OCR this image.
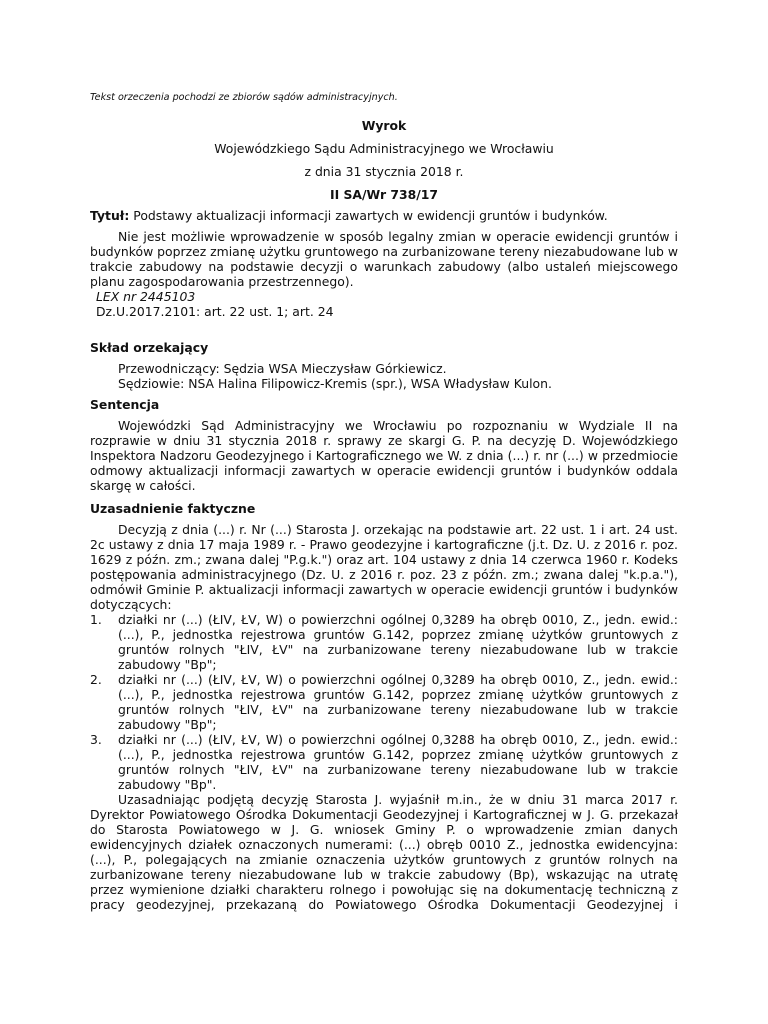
Tekst orzeczenia pochodzi ze zbiorów sądów administracyjnych.

Wyrok

Wojewódzkiego Sądu Administracyjnego we Wrocławiu

z dnia 31 stycznia 2018 r.

II SA/Wr 738/17

Tytuł: Podstawy aktualizacji informacji zawartych w ewidencji gruntów i budynków.

Nie jest możliwie wprowadzenie w sposób legalny zmian w operacie ewidencji gruntów i budynków poprzez zmianę użytku gruntowego na zurbanizowane tereny niezabudowane lub w trakcie zabudowy na podstawie decyzji o warunkach zabudowy (albo ustaleń miejscowego planu zagospodarowania przestrzennego).

LEX nr 2445103

Dz.U.2017.2101: art. 22 ust. 1; art. 24

Skład orzekający

Przewodniczący: Sędzia WSA Mieczysław Górkiewicz.

Sędziowie: NSA Halina Filipowicz-Kremis (spr.), WSA Władysław Kulon.

Sentencja

Wojewódzki Sąd Administracyjny we Wrocławiu po rozpoznaniu w Wydziale II na rozprawie w dniu 31 stycznia 2018 r. sprawy ze skargi G. P. na decyzję D. Wojewódzkiego Inspektora Nadzoru Geodezyjnego i Kartograficznego we W. z dnia (...) r. nr (...) w przedmiocie odmowy aktualizacji informacji zawartych w operacie ewidencji gruntów i budynków oddala skargę w całości.

Uzasadnienie faktyczne

Decyzją z dnia (...) r. Nr (...) Starosta J. orzekając na podstawie art. 22 ust. 1 i art. 24 ust. 2c ustawy z dnia 17 maja 1989 r. - Prawo geodezyjne i kartograficzne (j.t. Dz. U. z 2016 r. poz. 1629 z późn. zm.; zwana dalej "P.g.k.") oraz art. 104 ustawy z dnia 14 czerwca 1960 r. Kodeks postępowania administracyjnego (Dz. U. z 2016 r. poz. 23 z późn. zm.; zwana dalej "k.p.a."), odmówił Gminie P. aktualizacji informacji zawartych w operacie ewidencji gruntów i budynków dotyczących:

1. działki nr (...) (ŁIV, ŁV, W) o powierzchni ogólnej 0,3289 ha obręb 0010, Z., jedn. ewid.: (...), P., jednostka rejestrowa gruntów G.142, poprzez zmianę użytków gruntowych z gruntów rolnych "ŁIV, ŁV" na zurbanizowane tereny niezabudowane lub w trakcie zabudowy "Bp";
2. działki nr (...) (ŁIV, ŁV, W) o powierzchni ogólnej 0,3289 ha obręb 0010, Z., jedn. ewid.: (...), P., jednostka rejestrowa gruntów G.142, poprzez zmianę użytków gruntowych z gruntów rolnych "ŁIV, ŁV" na zurbanizowane tereny niezabudowane lub w trakcie zabudowy "Bp";
3. działki nr (...) (ŁIV, ŁV, W) o powierzchni ogólnej 0,3288 ha obręb 0010, Z., jedn. ewid.: (...), P., jednostka rejestrowa gruntów G.142, poprzez zmianę użytków gruntowych z gruntów rolnych "ŁIV, ŁV" na zurbanizowane tereny niezabudowane lub w trakcie zabudowy "Bp".

Uzasadniając podjętą decyzję Starosta J. wyjaśnił m.in., że w dniu 31 marca 2017 r. Dyrektor Powiatowego Ośrodka Dokumentacji Geodezyjnej i Kartograficznej w J. G. przekazał do Starosta Powiatowego w J. G. wniosek Gminy P. o wprowadzenie zmian danych ewidencyjnych działek oznaczonych numerami: (...) obręb 0010 Z., jednostka ewidencyjna: (...), P., polegających na zmianie oznaczenia użytków gruntowych z gruntów rolnych na zurbanizowane tereny niezabudowane lub w trakcie zabudowy (Bp), wskazując na utratę przez wymienione działki charakteru rolnego i powołując się na dokumentację techniczną z pracy geodezyjnej, przekazaną do Powiatowego Ośrodka Dokumentacji Geodezyjnej i
